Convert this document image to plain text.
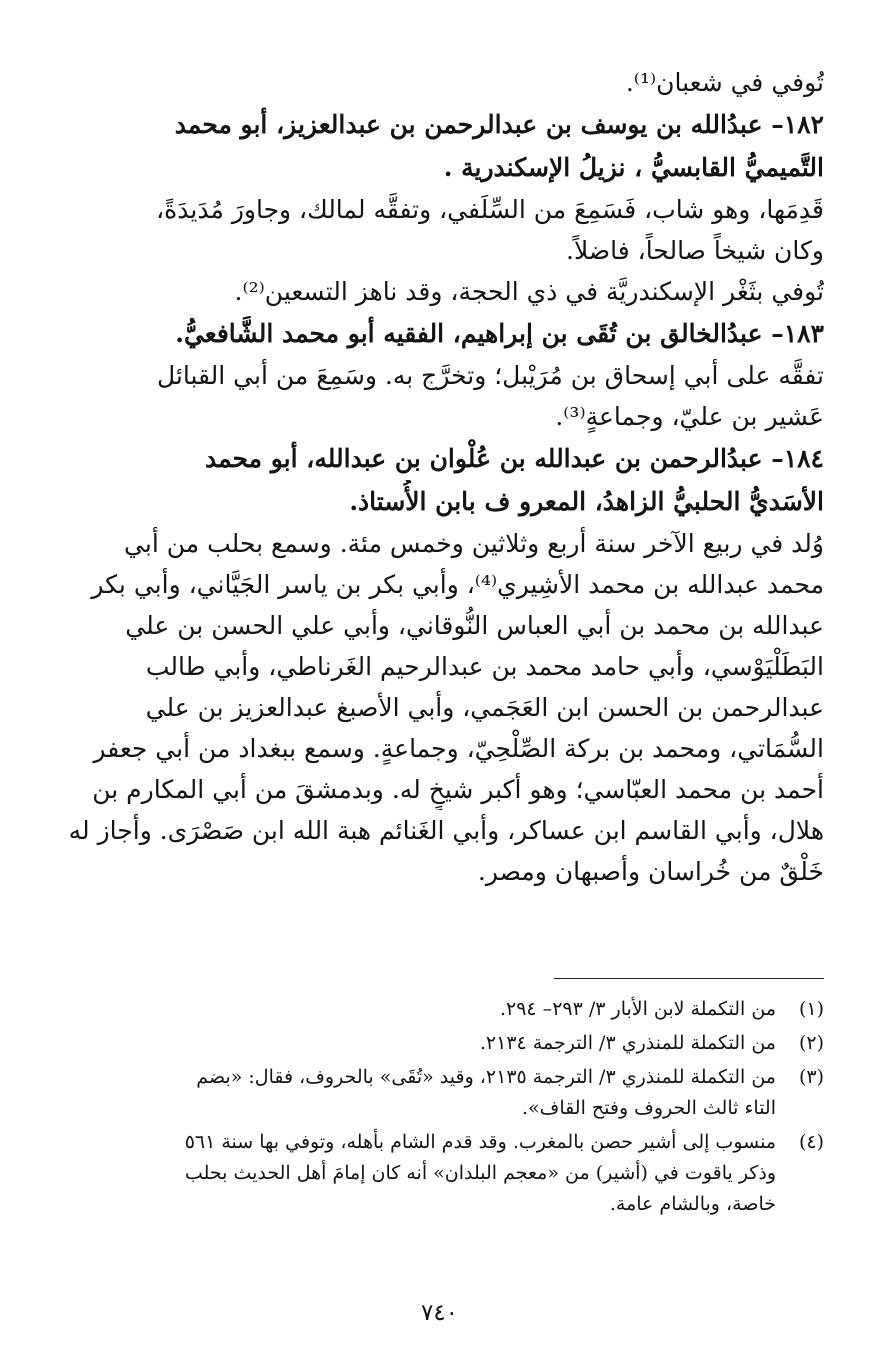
تُوفي في شعبان⁽¹⁾.
١٨٢– عبدُالله بن يوسف بن عبدالرحمن بن عبدالعزيز، أبو محمد
التَّميميُّ القابسيُّ ، نزيلُ الإسكندرية .
قَدِمَها، وهو شاب، فَسَمِعَ من السِّلَفي، وتفقَّه لمالك، وجاورَ مُدَيدَةً،
وكان شيخاً صالحاً، فاضلاً.
تُوفي بثَغْر الإسكندريَّة في ذي الحجة، وقد ناهز التسعين⁽²⁾.
١٨٣– عبدُالخالق بن تُقَى بن إبراهيم، الفقيه أبو محمد الشَّافعيُّ.
تفقَّه على أبي إسحاق بن مُرَيْبل؛ وتخرَّج به. وسَمِعَ من أبي القبائل
عَشير بن عليّ، وجماعةٍ⁽³⁾.
١٨٤– عبدُالرحمن بن عبدالله بن عُلْوان بن عبدالله، أبو محمد
الأسَديُّ الحلبيُّ الزاهدُ، المعرو ف بابن الأُستاذ.
وُلد في ربيع الآخر سنة أربع وثلاثين وخمس مئة. وسمع بحلب من أبي
محمد عبدالله بن محمد الأشِيري⁽⁴⁾، وأبي بكر بن ياسر الجَيَّاني، وأبي بكر
عبدالله بن محمد بن أبي العباس النُّوقاني، وأبي علي الحسن بن علي
البَطَلْيَوْسي، وأبي حامد محمد بن عبدالرحيم الغَرناطي، وأبي طالب
عبدالرحمن بن الحسن ابن العَجَمي، وأبي الأصبغ عبدالعزيز بن علي
السُّمَاتي، ومحمد بن بركة الصِّلْحِيّ، وجماعةٍ. وسمع ببغداد من أبي جعفر
أحمد بن محمد العبّاسي؛ وهو أكبر شيخٍ له. وبدمشقَ من أبي المكارم بن
هلال، وأبي القاسم ابن عساكر، وأبي الغَنائم هبة الله ابن صَصْرَى. وأجاز له
خَلْقٌ من خُراسان وأصبهان ومصر.
(١)
من التكملة لابن الأبار ٣/ ٢٩٣– ٢٩٤.
(٢)
من التكملة للمنذري ٣/ الترجمة ٢١٣٤.
(٣)
من التكملة للمنذري ٣/ الترجمة ٢١٣٥، وقيد «تُقَى» بالحروف، فقال: «بضم
التاء ثالث الحروف وفتح القاف».
(٤)
منسوب إلى أشير حصن بالمغرب. وقد قدم الشام بأهله، وتوفي بها سنة ٥٦١
وذكر ياقوت في (أشير) من «معجم البلدان» أنه كان إمامَ أهل الحديث بحلب
خاصة، وبالشام عامة.
٧٤٠
